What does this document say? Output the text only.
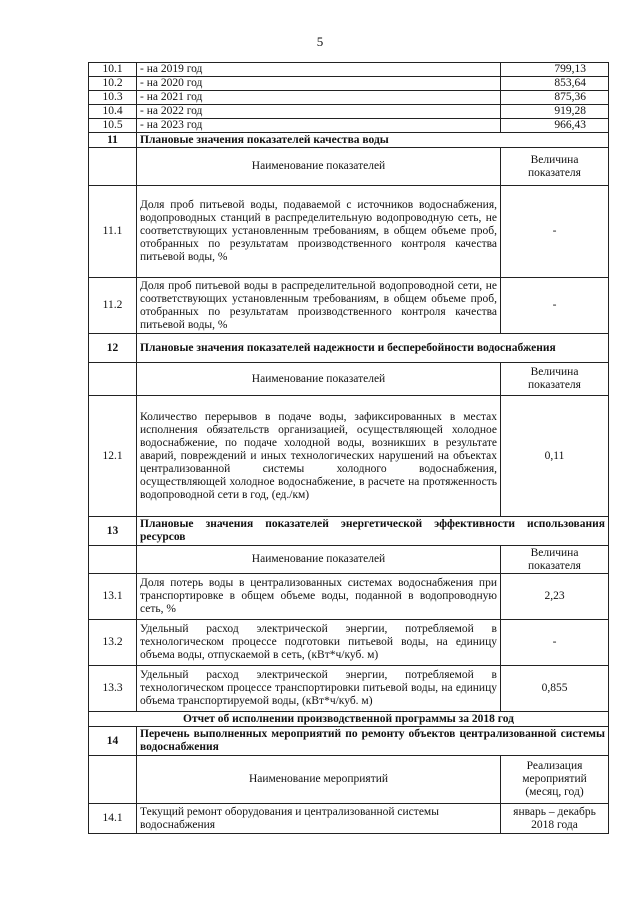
5
10.1	- на 2019 год	799,13
10.2	- на 2020 год	853,64
10.3	- на 2021 год	875,36
10.4	- на 2022 год	919,28
10.5	- на 2023 год	966,43
11	Плановые значения показателей качества воды	
	Наименование показателей	Величина показателя
11.1	Доля проб питьевой воды, подаваемой с источников водоснабжения, водопроводных станций в распределительную водопроводную сеть, не соответствующих установленным требованиям, в общем объеме проб, отобранных по результатам производственного контроля качества питьевой воды, %	-
11.2	Доля проб питьевой воды в распределительной водопроводной сети, не соответствующих установленным требованиям, в общем объеме проб, отобранных по результатам производственного контроля качества питьевой воды, %	-
12	Плановые значения показателей надежности и бесперебойности водоснабжения	
	Наименование показателей	Величина показателя
12.1	Количество перерывов в подаче воды, зафиксированных в местах исполнения обязательств организацией, осуществляющей холодное водоснабжение, по подаче холодной воды, возникших в результате аварий, повреждений и иных технологических нарушений на объектах централизованной системы холодного водоснабжения, осуществляющей холодное водоснабжение, в расчете на протяженность водопроводной сети в год, (ед./км)	0,11
13	Плановые значения показателей энергетической эффективности использования ресурсов	
	Наименование показателей	Величина показателя
13.1	Доля потерь воды в централизованных системах водоснабжения при транспортировке в общем объеме воды, поданной в водопроводную сеть, %	2,23
13.2	Удельный расход электрической энергии, потребляемой в технологическом процессе подготовки питьевой воды, на единицу объема воды, отпускаемой в сеть, (кВт*ч/куб. м)	-
13.3	Удельный расход электрической энергии, потребляемой в технологическом процессе транспортировки питьевой воды, на единицу объема транспортируемой воды, (кВт*ч/куб. м)	0,855
Отчет об исполнении производственной программы за 2018 год		
14	Перечень выполненных мероприятий по ремонту объектов централизованной системы водоснабжения	
	Наименование мероприятий	Реализация мероприятий (месяц, год)
14.1	Текущий ремонт оборудования и централизованной системы водоснабжения	январь – декабрь 2018 года
